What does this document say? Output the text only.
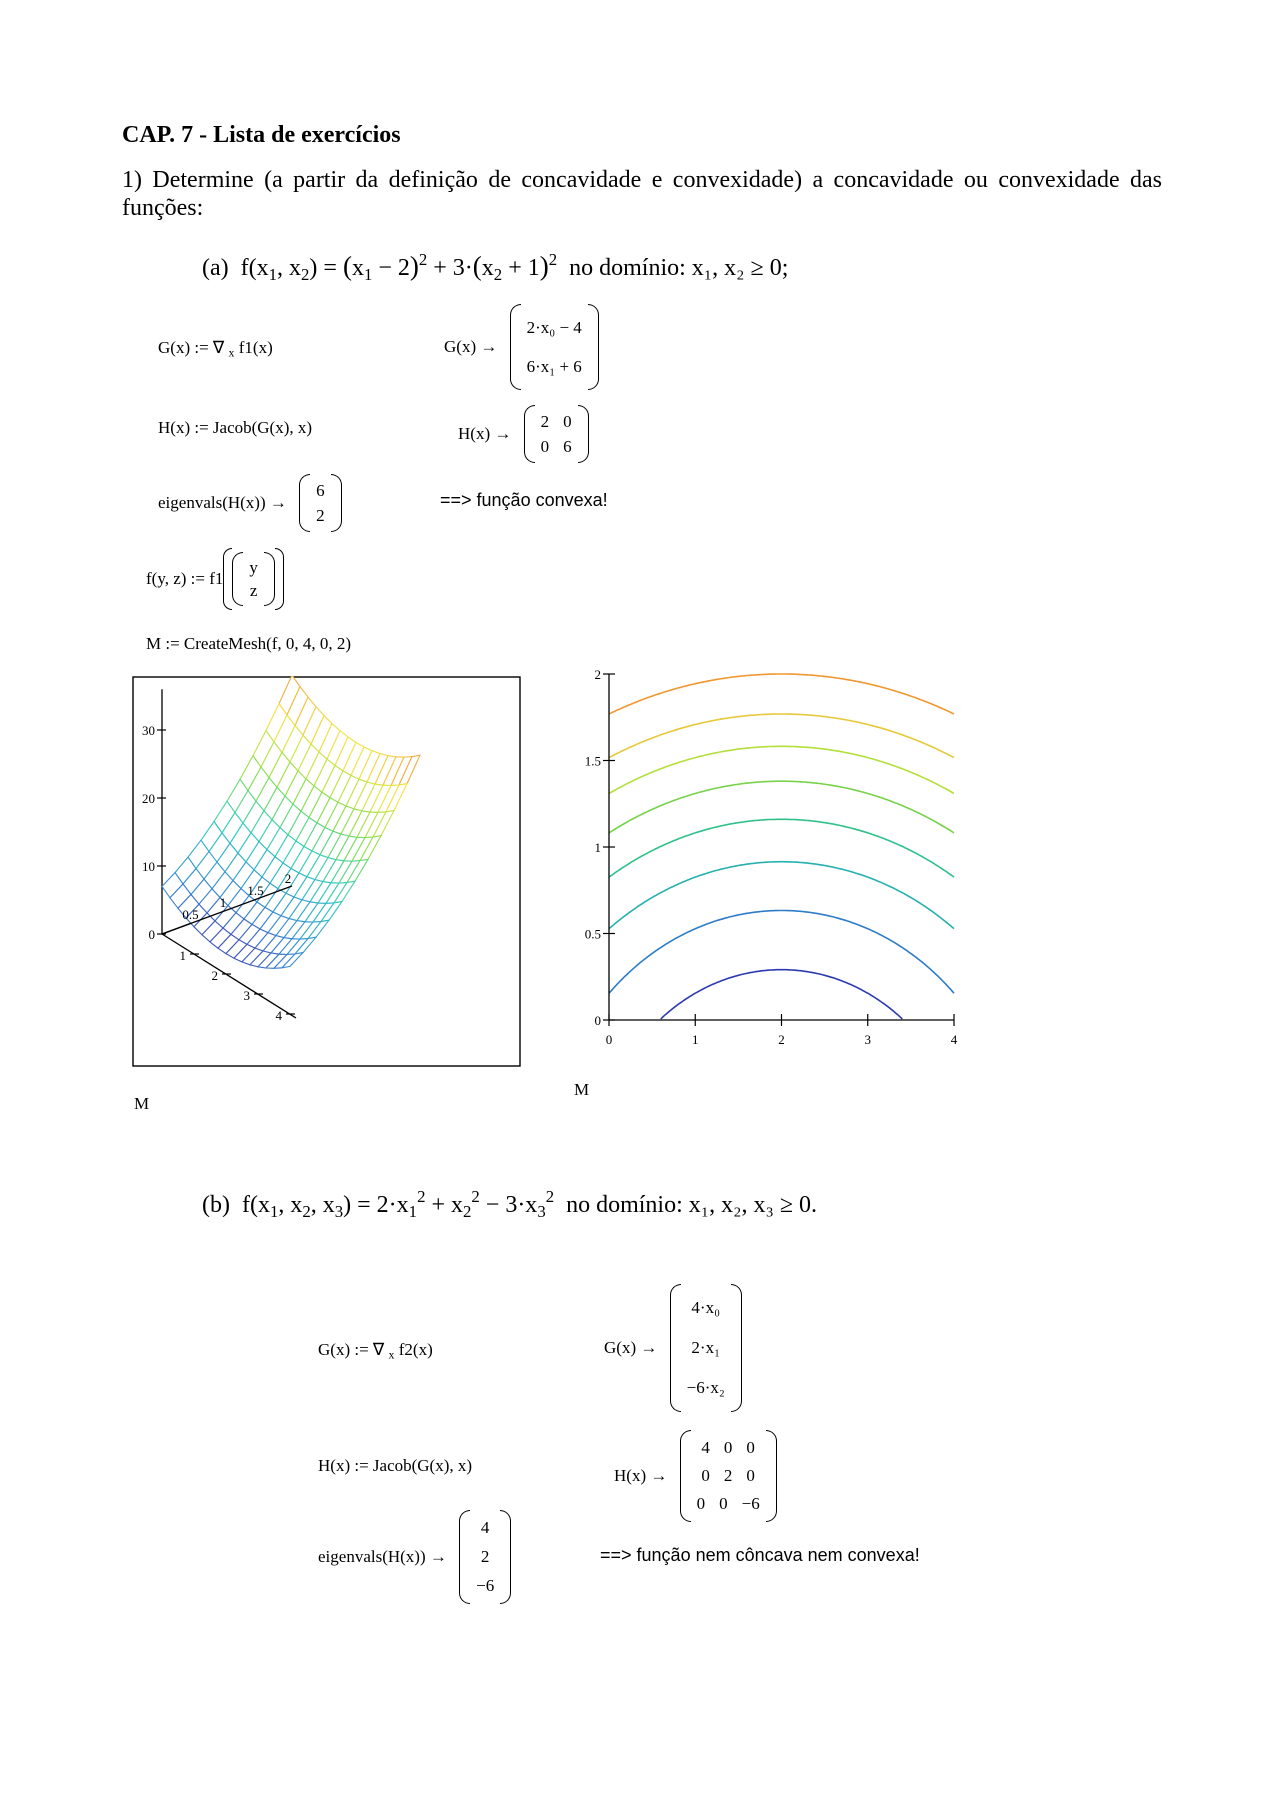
CAP. 7 - Lista de exercícios
1) Determine (a partir da definição de concavidade e convexidade) a concavidade ou convexidade das funções:
(a)  $f(x_1$, $x_2) = (x_1 - 2)^2 + 3\cdot(x_2 + 1)^2$ no domínio: x₁, x₂ ≥ 0;
G(x) := ∇ $_x$ f1(x)	G(x) →
2·x₀ − 4
6·x₁ + 6
H(x) := Jacob(G(x), x)	H(x) →
2 0
0 6
eigenvals(H(x)) →
6
2
==> função convexa!
f(y, z) := f1
y
z
M := CreateMesh(f, 0, 4, 0, 2)
0
10
20
30
1
2
3
4
0.5
1
1.5
2
M
0	1	2	3	4
0
0.5
1
1.5
2
M
(b)  $f(x_1$, $x_2$, $x_3) = 2\cdot x_1^2 + x_2^2 - 3\cdot x_3^2$ no domínio: x₁, x₂, x₃ ≥ 0.
G(x) := ∇ $_x$ f2(x)	G(x) →
4·x₀
2·x₁
−6·x₂
H(x) := Jacob(G(x), x)
H(x) →
4 0 0
0 2 0
0 0 −6
eigenvals(H(x)) →
4
2
−6
==> função nem côncava nem convexa!
